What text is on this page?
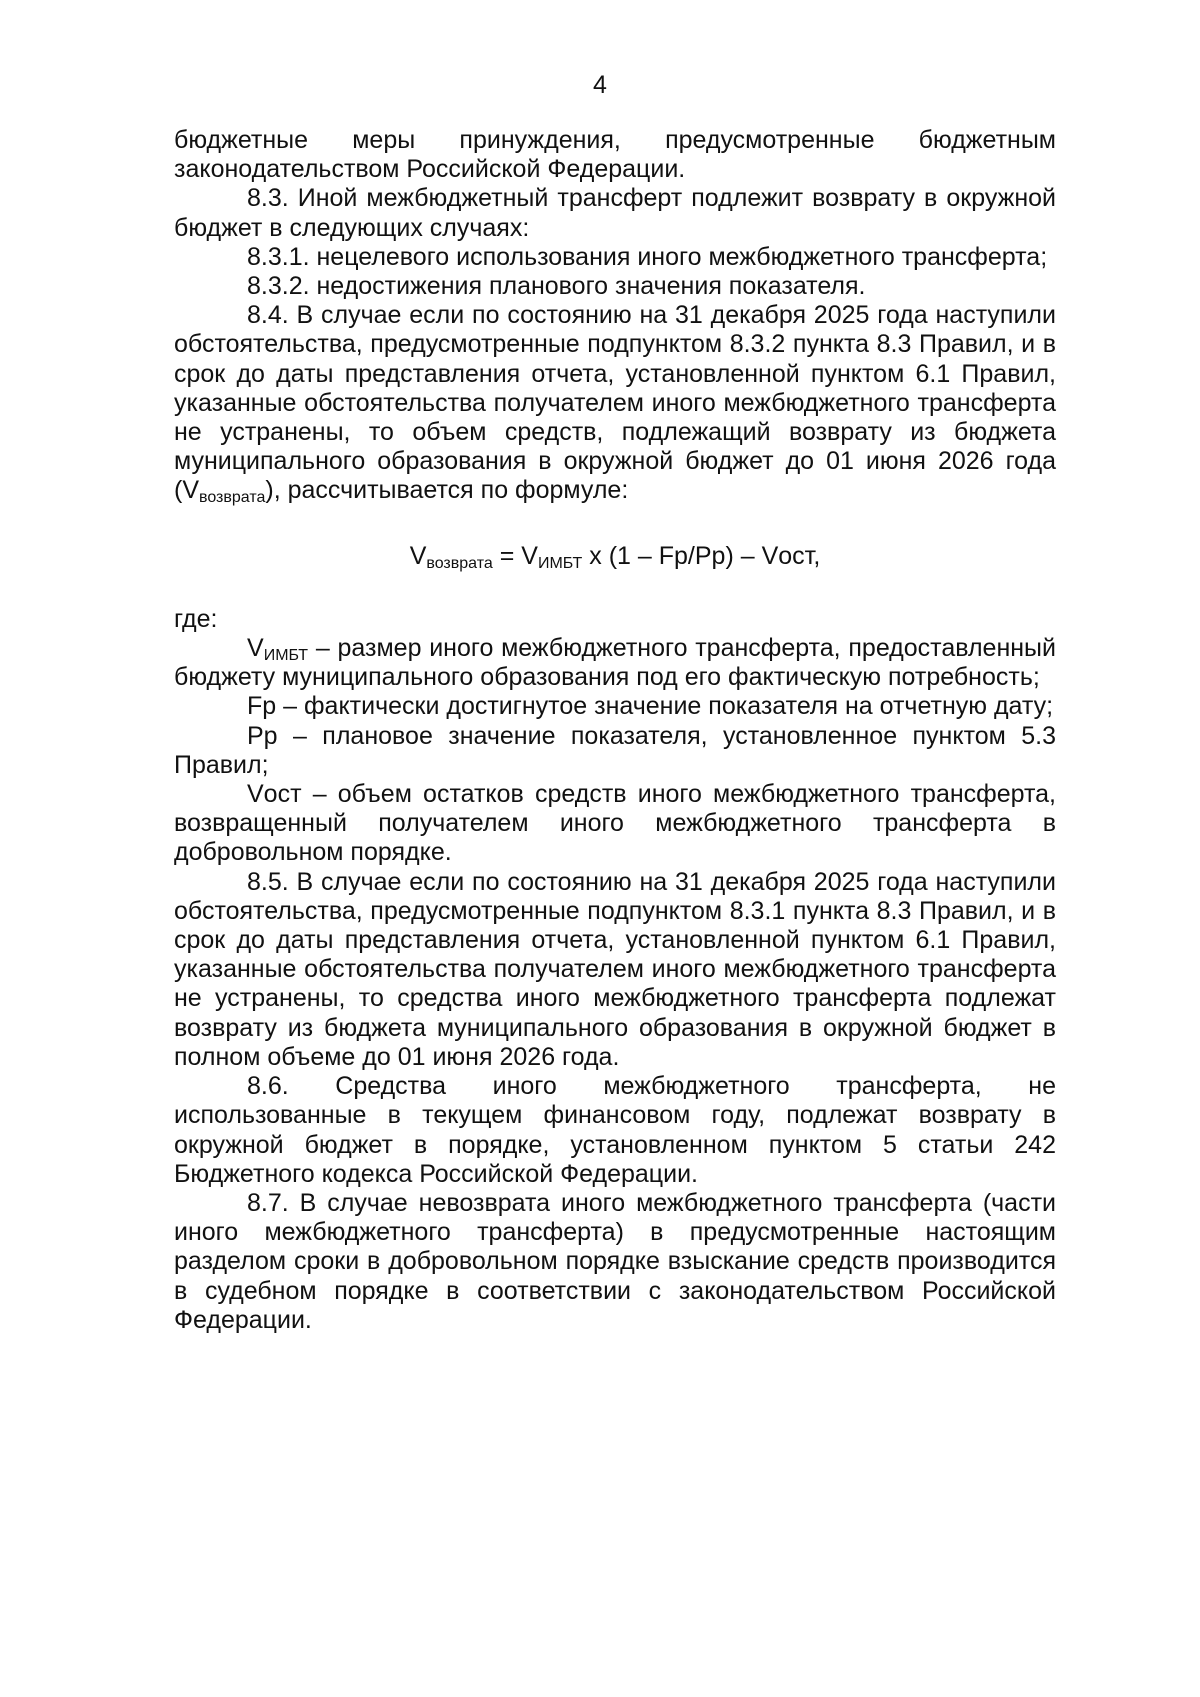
4

бюджетные меры принуждения, предусмотренные бюджетным законодательством Российской Федерации.

8.3. Иной межбюджетный трансферт подлежит возврату в окружной бюджет в следующих случаях:

8.3.1. нецелевого использования иного межбюджетного трансферта;

8.3.2. недостижения планового значения показателя.

8.4. В случае если по состоянию на 31 декабря 2025 года наступили обстоятельства, предусмотренные подпунктом 8.3.2 пункта 8.3 Правил, и в срок до даты представления отчета, установленной пунктом 6.1 Правил, указанные обстоятельства получателем иного межбюджетного трансферта не устранены, то объем средств, подлежащий возврату из бюджета муниципального образования в окружной бюджет до 01 июня 2026 года $(V_{возврата})$, рассчитывается по формуле:

$V_{возврата} = V_{ИМБТ}$ х (1 – Fp/Pp) – Vост,

где:

$V_{ИМБТ}$ – размер иного межбюджетного трансферта, предоставленный бюджету муниципального образования под его фактическую потребность;

Fp – фактически достигнутое значение показателя на отчетную дату;

Pp – плановое значение показателя, установленное пунктом 5.3 Правил;

Vост – объем остатков средств иного межбюджетного трансферта, возвращенный получателем иного межбюджетного трансферта в добровольном порядке.

8.5. В случае если по состоянию на 31 декабря 2025 года наступили обстоятельства, предусмотренные подпунктом 8.3.1 пункта 8.3 Правил, и в срок до даты представления отчета, установленной пунктом 6.1 Правил, указанные обстоятельства получателем иного межбюджетного трансферта не устранены, то средства иного межбюджетного трансферта подлежат возврату из бюджета муниципального образования в окружной бюджет в полном объеме до 01 июня 2026 года.

8.6. Средства иного межбюджетного трансферта, не использованные в текущем финансовом году, подлежат возврату в окружной бюджет в порядке, установленном пунктом 5 статьи 242 Бюджетного кодекса Российской Федерации.

8.7. В случае невозврата иного межбюджетного трансферта (части иного межбюджетного трансферта) в предусмотренные настоящим разделом сроки в добровольном порядке взыскание средств производится в судебном порядке в соответствии с законодательством Российской Федерации.
